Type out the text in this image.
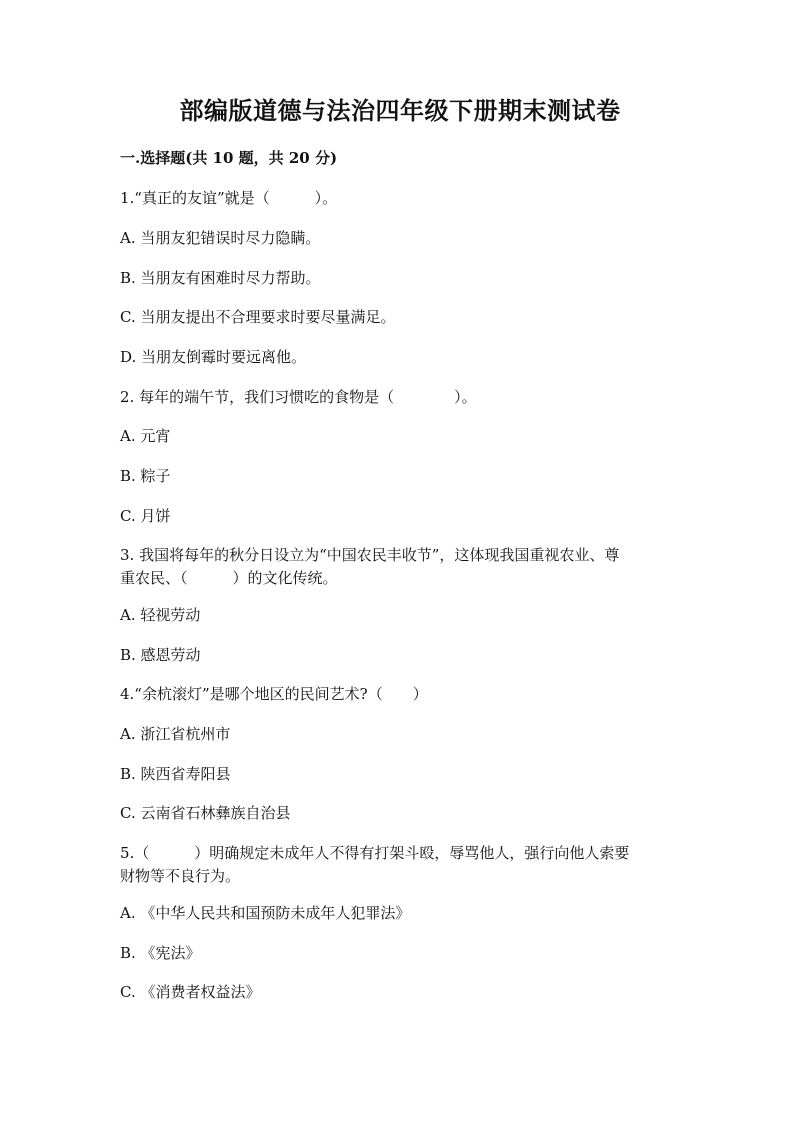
部编版道德与法治四年级下册期末测试卷
一.选择题(共 10 题，共 20 分)
1.“真正的友谊”就是（　　　）。
A. 当朋友犯错误时尽力隐瞒。
B. 当朋友有困难时尽力帮助。
C. 当朋友提出不合理要求时要尽量满足。
D. 当朋友倒霉时要远离他。
2. 每年的端午节，我们习惯吃的食物是（　　　　）。
A. 元宵
B. 粽子
C. 月饼
3. 我国将每年的秋分日设立为“中国农民丰收节”，这体现我国重视农业、尊
重农民、（　　　）的文化传统。
A. 轻视劳动
B. 感恩劳动
4.“余杭滚灯”是哪个地区的民间艺术?（　　）
A. 浙江省杭州市
B. 陕西省寿阳县
C. 云南省石林彝族自治县
5.（　　　）明确规定未成年人不得有打架斗殴，辱骂他人，强行向他人索要
财物等不良行为。
A. 《中华人民共和国预防未成年人犯罪法》
B. 《宪法》
C. 《消费者权益法》
